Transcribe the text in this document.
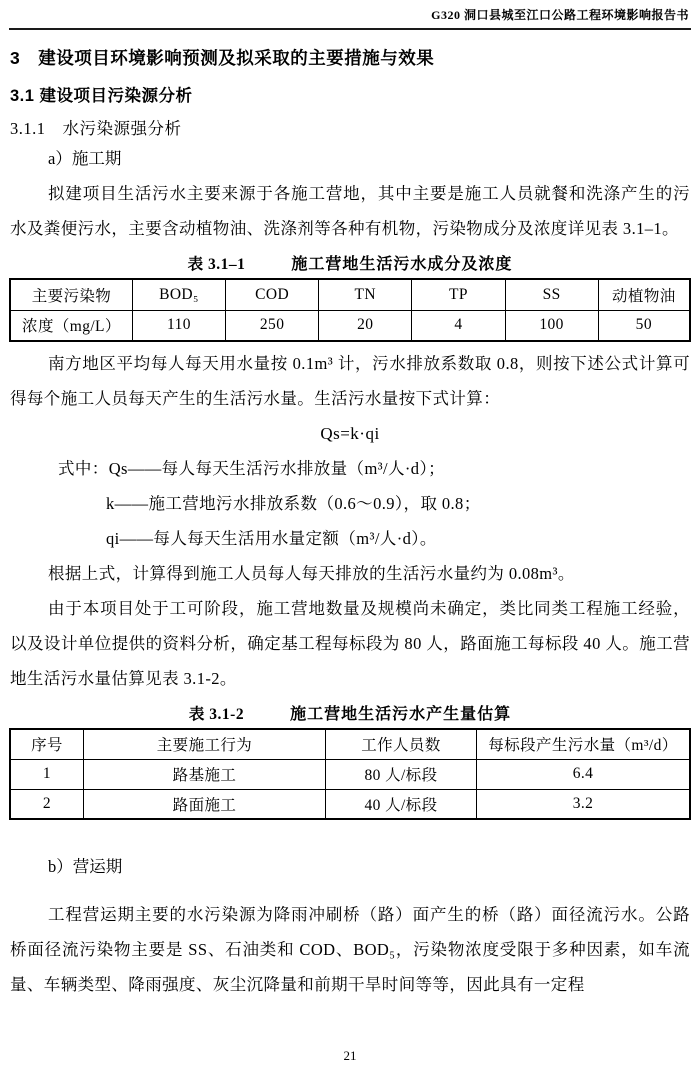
G320 洞口县城至江口公路工程环境影响报告书
3　建设项目环境影响预测及拟采取的主要措施与效果
3.1 建设项目污染源分析
3.1.1　水污染源强分析
a）施工期
拟建项目生活污水主要来源于各施工营地，其中主要是施工人员就餐和洗涤产生的污水及粪便污水，主要含动植物油、洗涤剂等各种有机物，污染物成分及浓度详见表 3.1–1。
表 3.1–1	施工营地生活污水成分及浓度
主要污染物	BOD₅	COD	TN	TP	SS	动植物油
浓度（mg/L）	110	250	20	4	100	50
南方地区平均每人每天用水量按 0.1m³ 计，污水排放系数取 0.8，则按下述公式计算可得每个施工人员每天产生的生活污水量。生活污水量按下式计算：
Qs=k·qi
式中：Qs——每人每天生活污水排放量（m³/人·d）；
k——施工营地污水排放系数（0.6～0.9），取 0.8；
qi——每人每天生活用水量定额（m³/人·d）。
根据上式，计算得到施工人员每人每天排放的生活污水量约为 0.08m³。
由于本项目处于工可阶段，施工营地数量及规模尚未确定，类比同类工程施工经验，以及设计单位提供的资料分析，确定基工程每标段为 80 人，路面施工每标段 40 人。施工营地生活污水量估算见表 3.1‐2。
表 3.1‐2	施工营地生活污水产生量估算
序号	主要施工行为	工作人员数	每标段产生污水量（m³/d）
1	路基施工	80 人/标段	6.4
2	路面施工	40 人/标段	3.2
b）营运期
工程营运期主要的水污染源为降雨冲刷桥（路）面产生的桥（路）面径流污水。公路桥面径流污染物主要是 SS、石油类和 COD、BOD₅，污染物浓度受限于多种因素，如车流量、车辆类型、降雨强度、灰尘沉降量和前期干旱时间等等，因此具有一定程
21
